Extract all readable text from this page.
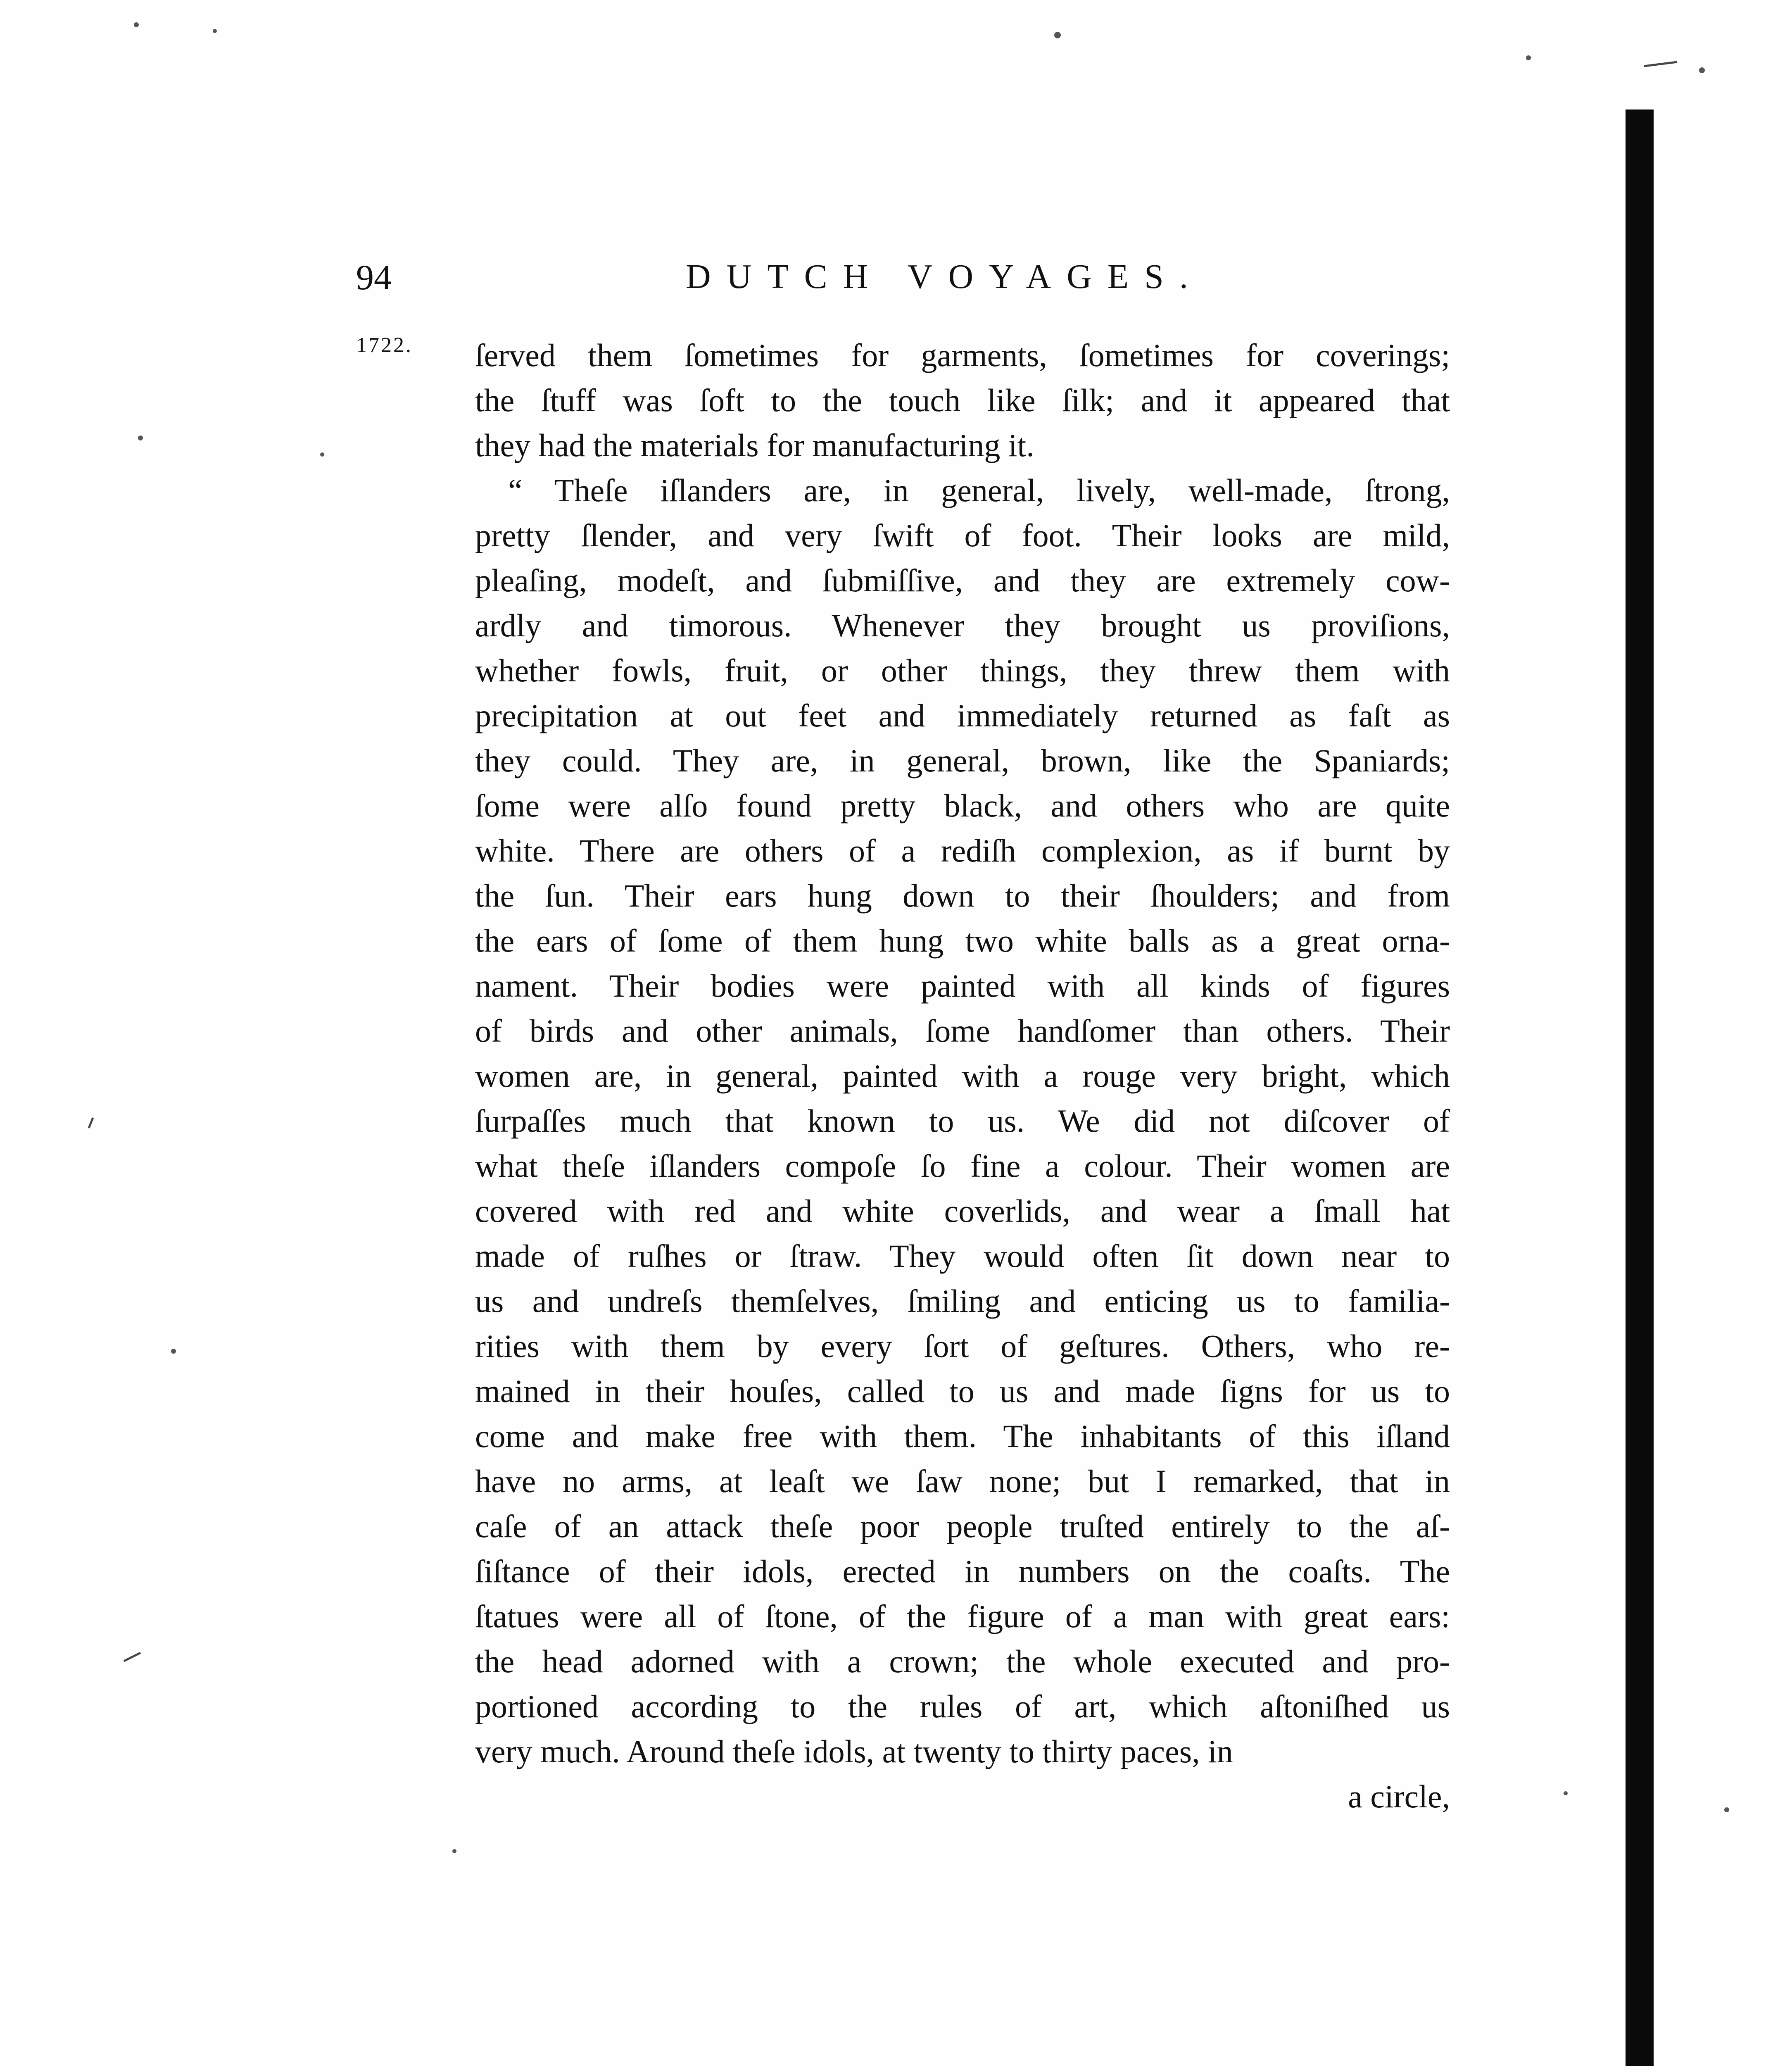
94	DUTCH VOYAGES.
1722. ſerved them ſometimes for garments, ſometimes for coverings;
the ſtuff was ſoft to the touch like ſilk; and it appeared that
they had the materials for manufacturing it.
“ Theſe iſlanders are, in general, lively, well-made, ſtrong,
pretty ſlender, and very ſwift of foot. Their looks are mild,
pleaſing, modeſt, and ſubmiſſive, and they are extremely cow-
ardly and timorous. Whenever they brought us proviſions,
whether fowls, fruit, or other things, they threw them with
precipitation at out feet and immediately returned as faſt as
they could. They are, in general, brown, like the Spaniards;
ſome were alſo found pretty black, and others who are quite
white. There are others of a rediſh complexion, as if burnt by
the ſun. Their ears hung down to their ſhoulders; and from
the ears of ſome of them hung two white balls as a great orna-
nament. Their bodies were painted with all kinds of figures
of birds and other animals, ſome handſomer than others. Their
women are, in general, painted with a rouge very bright, which
ſurpaſſes much that known to us. We did not diſcover of
what theſe iſlanders compoſe ſo fine a colour. Their women are
covered with red and white coverlids, and wear a ſmall hat
made of ruſhes or ſtraw. They would often ſit down near to
us and undreſs themſelves, ſmiling and enticing us to familia-
rities with them by every ſort of geſtures. Others, who re-
mained in their houſes, called to us and made ſigns for us to
come and make free with them. The inhabitants of this iſland
have no arms, at leaſt we ſaw none; but I remarked, that in
caſe of an attack theſe poor people truſted entirely to the aſ-
ſiſtance of their idols, erected in numbers on the coaſts. The
ſtatues were all of ſtone, of the figure of a man with great ears:
the head adorned with a crown; the whole executed and pro-
portioned according to the rules of art, which aſtoniſhed us
very much. Around theſe idols, at twenty to thirty paces, in
a circle,
